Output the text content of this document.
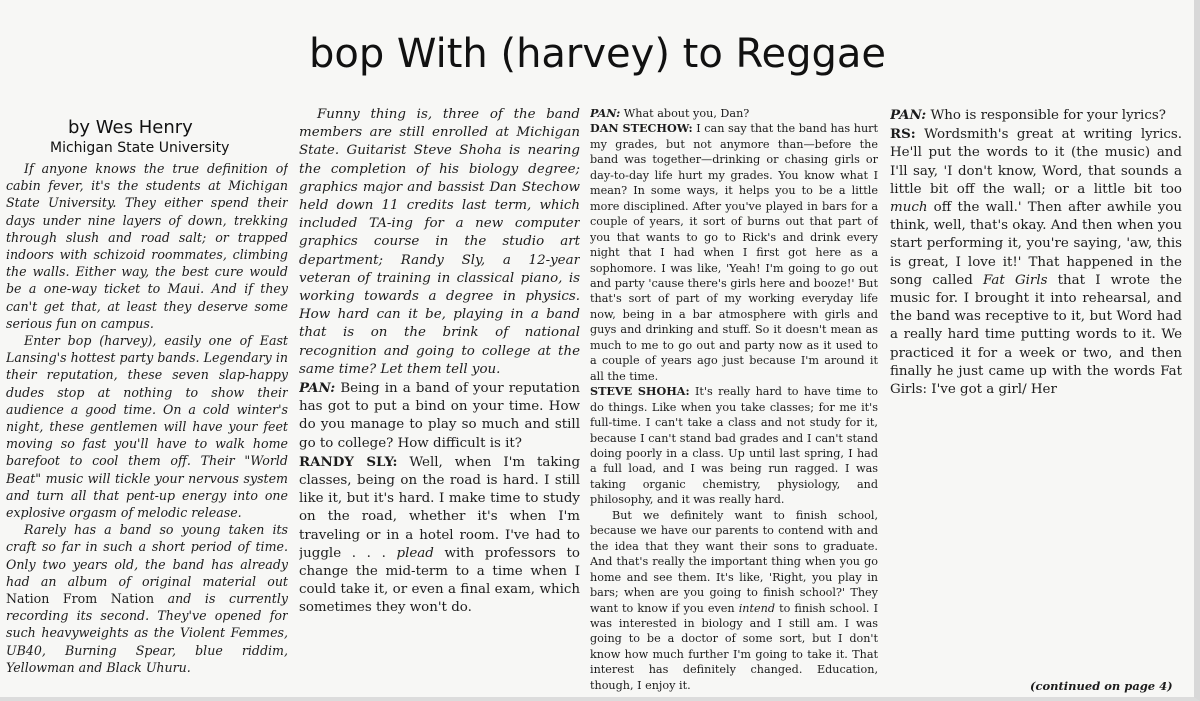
bop With (harvey) to Reggae
by Wes Henry
Michigan State University

If anyone knows the true definition of cabin fever, it's the students at Michigan State University. They either spend their days under nine layers of down, trekking through slush and road salt; or trapped indoors with schizoid roommates, climbing the walls. Either way, the best cure would be a one-way ticket to Maui. And if they can't get that, at least they deserve some serious fun on campus.

Enter bop (harvey), easily one of East Lansing's hottest party bands. Legendary in their reputation, these seven slap-happy dudes stop at nothing to show their audience a good time. On a cold winter's night, these gentlemen will have your feet moving so fast you'll have to walk home barefoot to cool them off. Their "World Beat" music will tickle your nervous system and turn all that pent-up energy into one explosive orgasm of melodic release.

Rarely has a band so young taken its craft so far in such a short period of time. Only two years old, the band has already had an album of original material out Nation From Nation and is currently recording its second. They've opened for such heavyweights as the Violent Femmes, UB40, Burning Spear, blue riddim, Yellowman and Black Uhuru.

Funny thing is, three of the band members are still enrolled at Michigan State. Guitarist Steve Shoha is nearing the completion of his biology degree; graphics major and bassist Dan Stechow held down 11 credits last term, which included TA-ing for a new computer graphics course in the studio art department; Randy Sly, a 12-year veteran of training in classical piano, is working towards a degree in physics. How hard can it be, playing in a band that is on the brink of national recognition and going to college at the same time? Let them tell you.

PAN: Being in a band of your reputation has got to put a bind on your time. How do you manage to play so much and still go to college? How difficult is it?

RANDY SLY: Well, when I'm taking classes, being on the road is hard. I still like it, but it's hard. I make time to study on the road, whether it's when I'm traveling or in a hotel room. I've had to juggle . . . plead with professors to change the mid-term to a time when I could take it, or even a final exam, which sometimes they won't do.

PAN: What about you, Dan?

DAN STECHOW: I can say that the band has hurt my grades, but not anymore than—before the band was together—drinking or chasing girls or day-to-day life hurt my grades. You know what I mean? In some ways, it helps you to be a little more disciplined. After you've played in bars for a couple of years, it sort of burns out that part of you that wants to go to Rick's and drink every night that I had when I first got here as a sophomore. I was like, 'Yeah! I'm going to go out and party 'cause there's girls here and booze!' But that's sort of part of my working everyday life now, being in a bar atmosphere with girls and guys and drinking and stuff. So it doesn't mean as much to me to go out and party now as it used to a couple of years ago just because I'm around it all the time.

STEVE SHOHA: It's really hard to have time to do things. Like when you take classes; for me it's full-time. I can't take a class and not study for it, because I can't stand bad grades and I can't stand doing poorly in a class. Up until last spring, I had a full load, and I was being run ragged. I was taking organic chemistry, physiology, and philosophy, and it was really hard.

But we definitely want to finish school, because we have our parents to contend with and the idea that they want their sons to graduate. And that's really the important thing when you go home and see them. It's like, 'Right, you play in bars; when are you going to finish school?' They want to know if you even intend to finish school. I was interested in biology and I still am. I was going to be a doctor of some sort, but I don't know how much further I'm going to take it. That interest has definitely changed. Education, though, I enjoy it.

PAN: Who is responsible for your lyrics?

RS: Wordsmith's great at writing lyrics. He'll put the words to it (the music) and I'll say, 'I don't know, Word, that sounds a little bit off the wall; or a little bit too much off the wall.' Then after awhile you think, well, that's okay. And then when you start performing it, you're saying, 'aw, this is great, I love it!' That happened in the song called Fat Girls that I wrote the music for. I brought it into rehearsal, and the band was receptive to it, but Word had a really hard time putting words to it. We practiced it for a week or two, and then finally he just came up with the words Fat Girls: I've got a girl/ Her

(continued on page 4)
